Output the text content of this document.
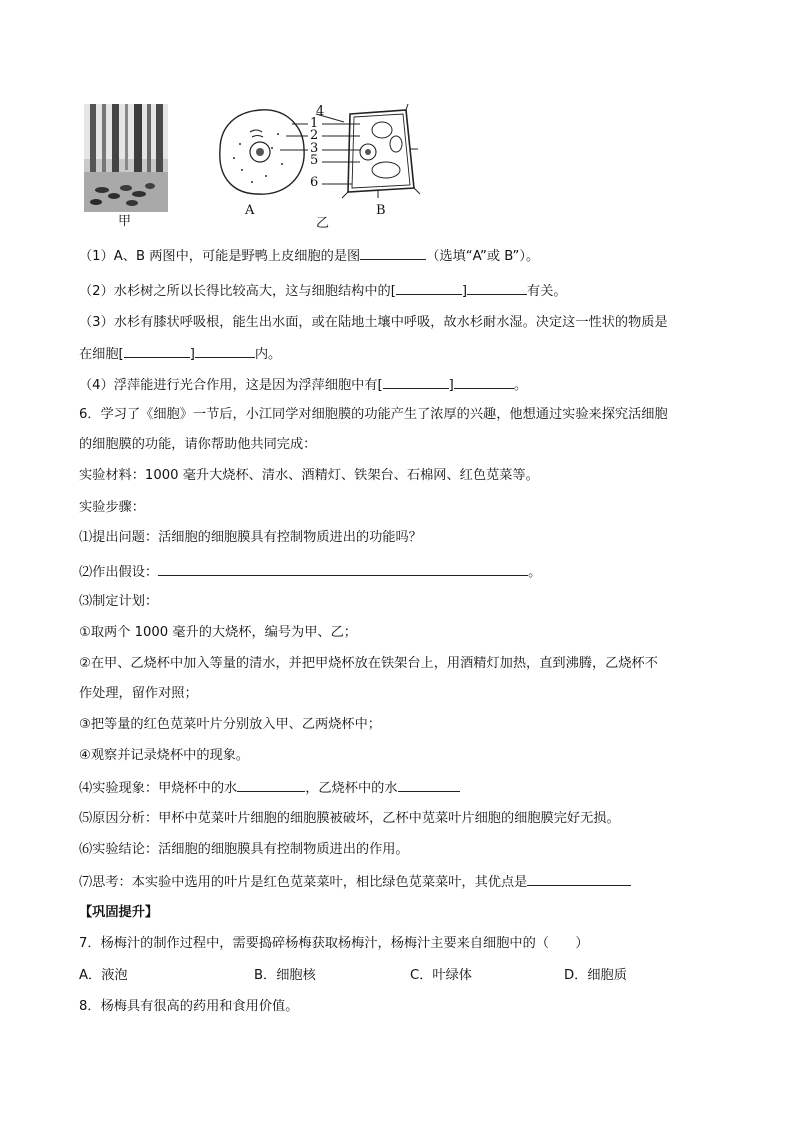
甲
1
2
3
4
5
6
A
乙
B
（1）A、B 两图中，可能是野鸭上皮细胞的是图	（选填“A”或 B”）。
（2）水杉树之所以长得比较高大，这与细胞结构中的[	]	有关。
（3）水杉有膝状呼吸根，能生出水面，或在陆地土壤中呼吸，故水杉耐水湿。决定这一性状的物质是
在细胞[	]	内。
（4）浮萍能进行光合作用，这是因为浮萍细胞中有[	]	。
6．学习了《细胞》一节后，小江同学对细胞膜的功能产生了浓厚的兴趣，他想通过实验来探究活细胞
的细胞膜的功能，请你帮助他共同完成：
实验材料：1000 毫升大烧杯、清水、酒精灯、铁架台、石棉网、红色苋菜等。
实验步骤：
⑴提出问题：活细胞的细胞膜具有控制物质进出的功能吗？
⑵作出假设：	。
⑶制定计划：
①取两个 1000 毫升的大烧杯，编号为甲、乙；
②在甲、乙烧杯中加入等量的清水，并把甲烧杯放在铁架台上，用酒精灯加热，直到沸腾，乙烧杯不
作处理，留作对照；
③把等量的红色苋菜叶片分别放入甲、乙两烧杯中；
④观察并记录烧杯中的现象。
⑷实验现象：甲烧杯中的水	，乙烧杯中的水
⑸原因分析：甲杯中苋菜叶片细胞的细胞膜被破坏，乙杯中苋菜叶片细胞的细胞膜完好无损。
⑹实验结论：活细胞的细胞膜具有控制物质进出的作用。
⑺思考：本实验中选用的叶片是红色苋菜菜叶，相比绿色苋菜菜叶，其优点是
【巩固提升】
7．杨梅汁的制作过程中，需要捣碎杨梅获取杨梅汁，杨梅汁主要来自细胞中的（　　）
A．液泡	B．细胞核	C．叶绿体	D．细胞质
8．杨梅具有很高的药用和食用价值。
